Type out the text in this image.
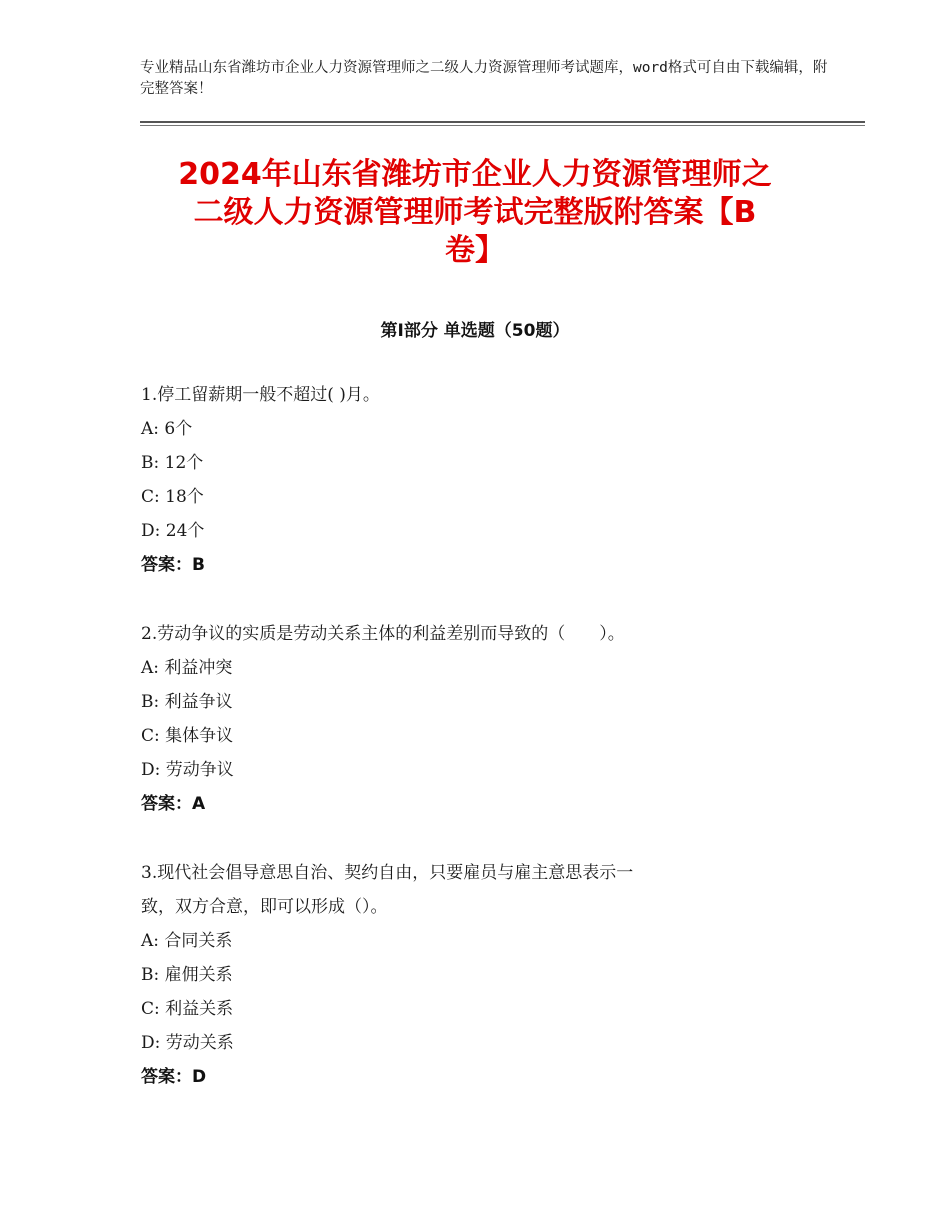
专业精品山东省潍坊市企业人力资源管理师之二级人力资源管理师考试题库，word格式可自由下载编辑，附完整答案！
2024年山东省潍坊市企业人力资源管理师之
二级人力资源管理师考试完整版附答案【B
卷】
第Ⅰ部分 单选题（50题）
1.停工留薪期一般不超过( )月。
A: 6个
B: 12个
C: 18个
D: 24个
答案：B
2.劳动争议的实质是劳动关系主体的利益差别而导致的（　　）。
A: 利益冲突
B: 利益争议
C: 集体争议
D: 劳动争议
答案：A
3.现代社会倡导意思自治、契约自由，只要雇员与雇主意思表示一
致，双方合意，即可以形成（）。
A: 合同关系
B: 雇佣关系
C: 利益关系
D: 劳动关系
答案：D
